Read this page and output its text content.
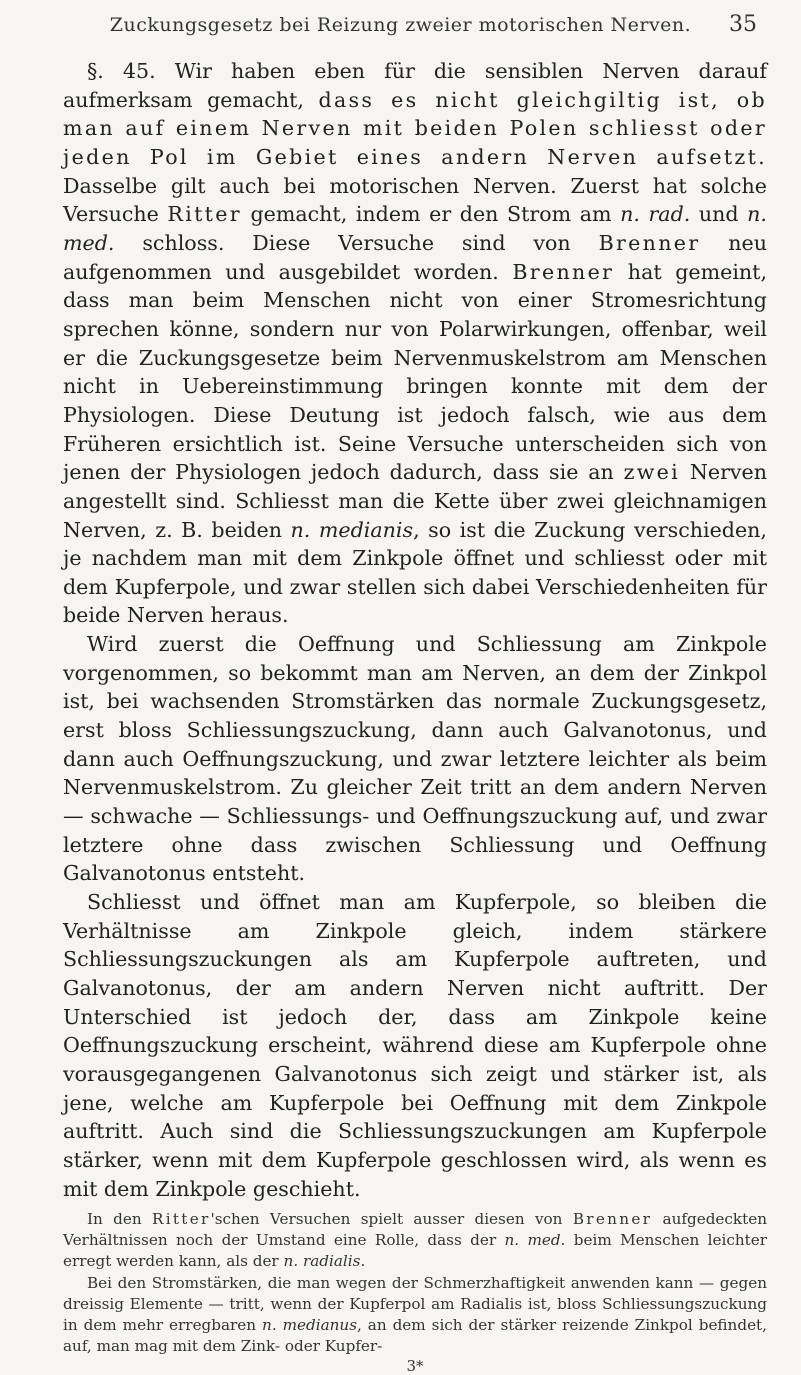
Zuckungsgesetz bei Reizung zweier motorischen Nerven.	35

§. 45. Wir haben eben für die sensiblen Nerven darauf aufmerksam gemacht, dass es nicht gleichgiltig ist, ob man auf einem Nerven mit beiden Polen schliesst oder jeden Pol im Gebiet eines andern Nerven aufsetzt. Dasselbe gilt auch bei motorischen Nerven. Zuerst hat solche Versuche Ritter gemacht, indem er den Strom am n. rad. und n. med. schloss. Diese Versuche sind von Brenner neu aufgenommen und ausgebildet worden. Brenner hat gemeint, dass man beim Menschen nicht von einer Stromesrichtung sprechen könne, sondern nur von Polarwirkungen, offenbar, weil er die Zuckungsgesetze beim Nervenmuskelstrom am Menschen nicht in Uebereinstimmung bringen konnte mit dem der Physiologen. Diese Deutung ist jedoch falsch, wie aus dem Früheren ersichtlich ist. Seine Versuche unterscheiden sich von jenen der Physiologen jedoch dadurch, dass sie an zwei Nerven angestellt sind. Schliesst man die Kette über zwei gleichnamigen Nerven, z. B. beiden n. medianis, so ist die Zuckung verschieden, je nachdem man mit dem Zinkpole öffnet und schliesst oder mit dem Kupferpole, und zwar stellen sich dabei Verschiedenheiten für beide Nerven heraus.

Wird zuerst die Oeffnung und Schliessung am Zinkpole vorgenommen, so bekommt man am Nerven, an dem der Zinkpol ist, bei wachsenden Stromstärken das normale Zuckungsgesetz, erst bloss Schliessungszuckung, dann auch Galvanotonus, und dann auch Oeffnungszuckung, und zwar letztere leichter als beim Nervenmuskelstrom. Zu gleicher Zeit tritt an dem andern Nerven — schwache — Schliessungs- und Oeffnungszuckung auf, und zwar letztere ohne dass zwischen Schliessung und Oeffnung Galvanotonus entsteht.

Schliesst und öffnet man am Kupferpole, so bleiben die Verhältnisse am Zinkpole gleich, indem stärkere Schliessungszuckungen als am Kupferpole auftreten, und Galvanotonus, der am andern Nerven nicht auftritt. Der Unterschied ist jedoch der, dass am Zinkpole keine Oeffnungszuckung erscheint, während diese am Kupferpole ohne vorausgegangenen Galvanotonus sich zeigt und stärker ist, als jene, welche am Kupferpole bei Oeffnung mit dem Zinkpole auftritt. Auch sind die Schliessungszuckungen am Kupferpole stärker, wenn mit dem Kupferpole geschlossen wird, als wenn es mit dem Zinkpole geschieht.

In den Ritter'schen Versuchen spielt ausser diesen von Brenner aufgedeckten Verhältnissen noch der Umstand eine Rolle, dass der n. med. beim Menschen leichter erregt werden kann, als der n. radialis.

Bei den Stromstärken, die man wegen der Schmerzhaftigkeit anwenden kann — gegen dreissig Elemente — tritt, wenn der Kupferpol am Radialis ist, bloss Schliessungszuckung in dem mehr erregbaren n. medianus, an dem sich der stärker reizende Zinkpol befindet, auf, man mag mit dem Zink- oder Kupfer-

3*
